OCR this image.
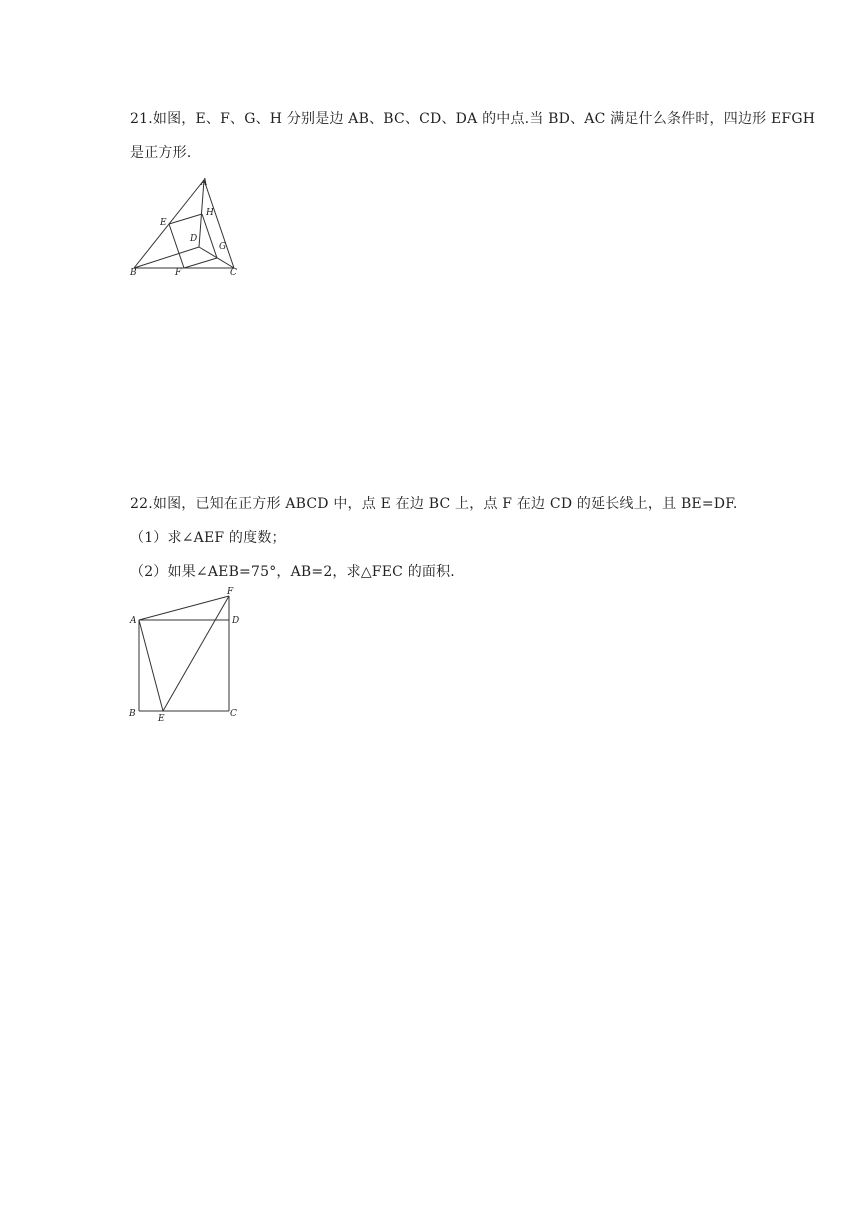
21.如图，E、F、G、H 分别是边 AB、BC、CD、DA 的中点.当 BD、AC 满足什么条件时，四边形 EFGH
是正方形.
A
H
E
D
G
B	F	C
22.如图，已知在正方形 ABCD 中，点 E 在边 BC 上，点 F 在边 CD 的延长线上，且 BE=DF.
（1）求∠AEF 的度数；
（2）如果∠AEB=75°，AB=2，求△FEC 的面积.
F
A	D
B E	C
